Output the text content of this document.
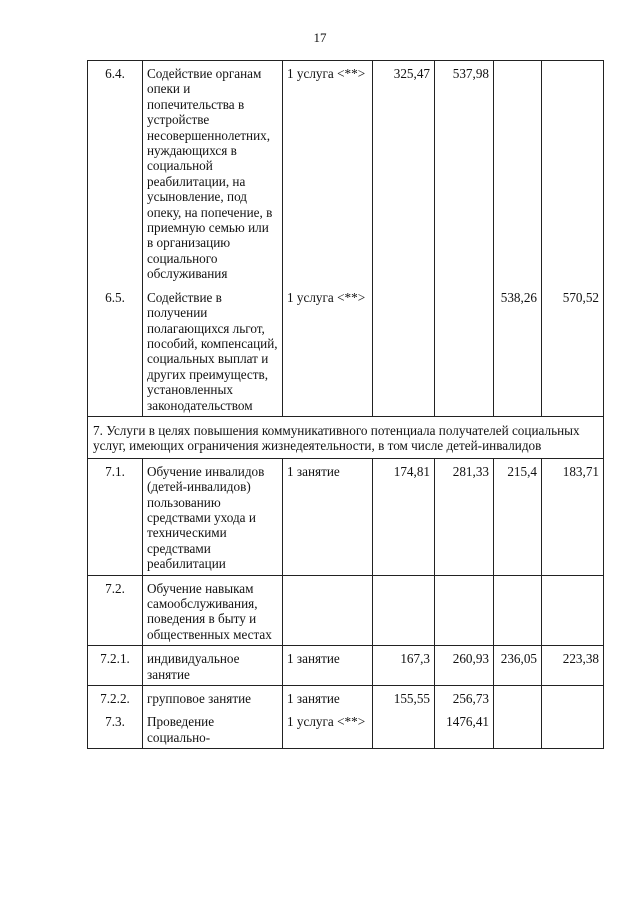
17
6.4.	Содействие органам опеки и попечительства в устройстве несовершеннолетних, нуждающихся в социальной реабилитации, на усыновление, под опеку, на попечение, в приемную семью или в организацию социального обслуживания	1 услуга <**>	325,47	537,98		
6.5.	Содействие в получении полагающихся льгот, пособий, компенсаций, социальных выплат и других преимуществ, установленных законодательством	1 услуга <**>			538,26	570,52
7. Услуги в целях повышения коммуникативного потенциала получателей социальных услуг, имеющих ограничения жизнедеятельности, в том числе детей-инвалидов						
7.1.	Обучение инвалидов (детей-инвалидов) пользованию средствами ухода и техническими средствами реабилитации	1 занятие	174,81	281,33	215,4	183,71
7.2.	Обучение навыкам самообслуживания, поведения в быту и общественных местах					
7.2.1.	индивидуальное занятие	1 занятие	167,3	260,93	236,05	223,38
7.2.2.	групповое занятие	1 занятие	155,55	256,73		
7.3.	Проведение социально-	1 услуга <**>		1476,41		
